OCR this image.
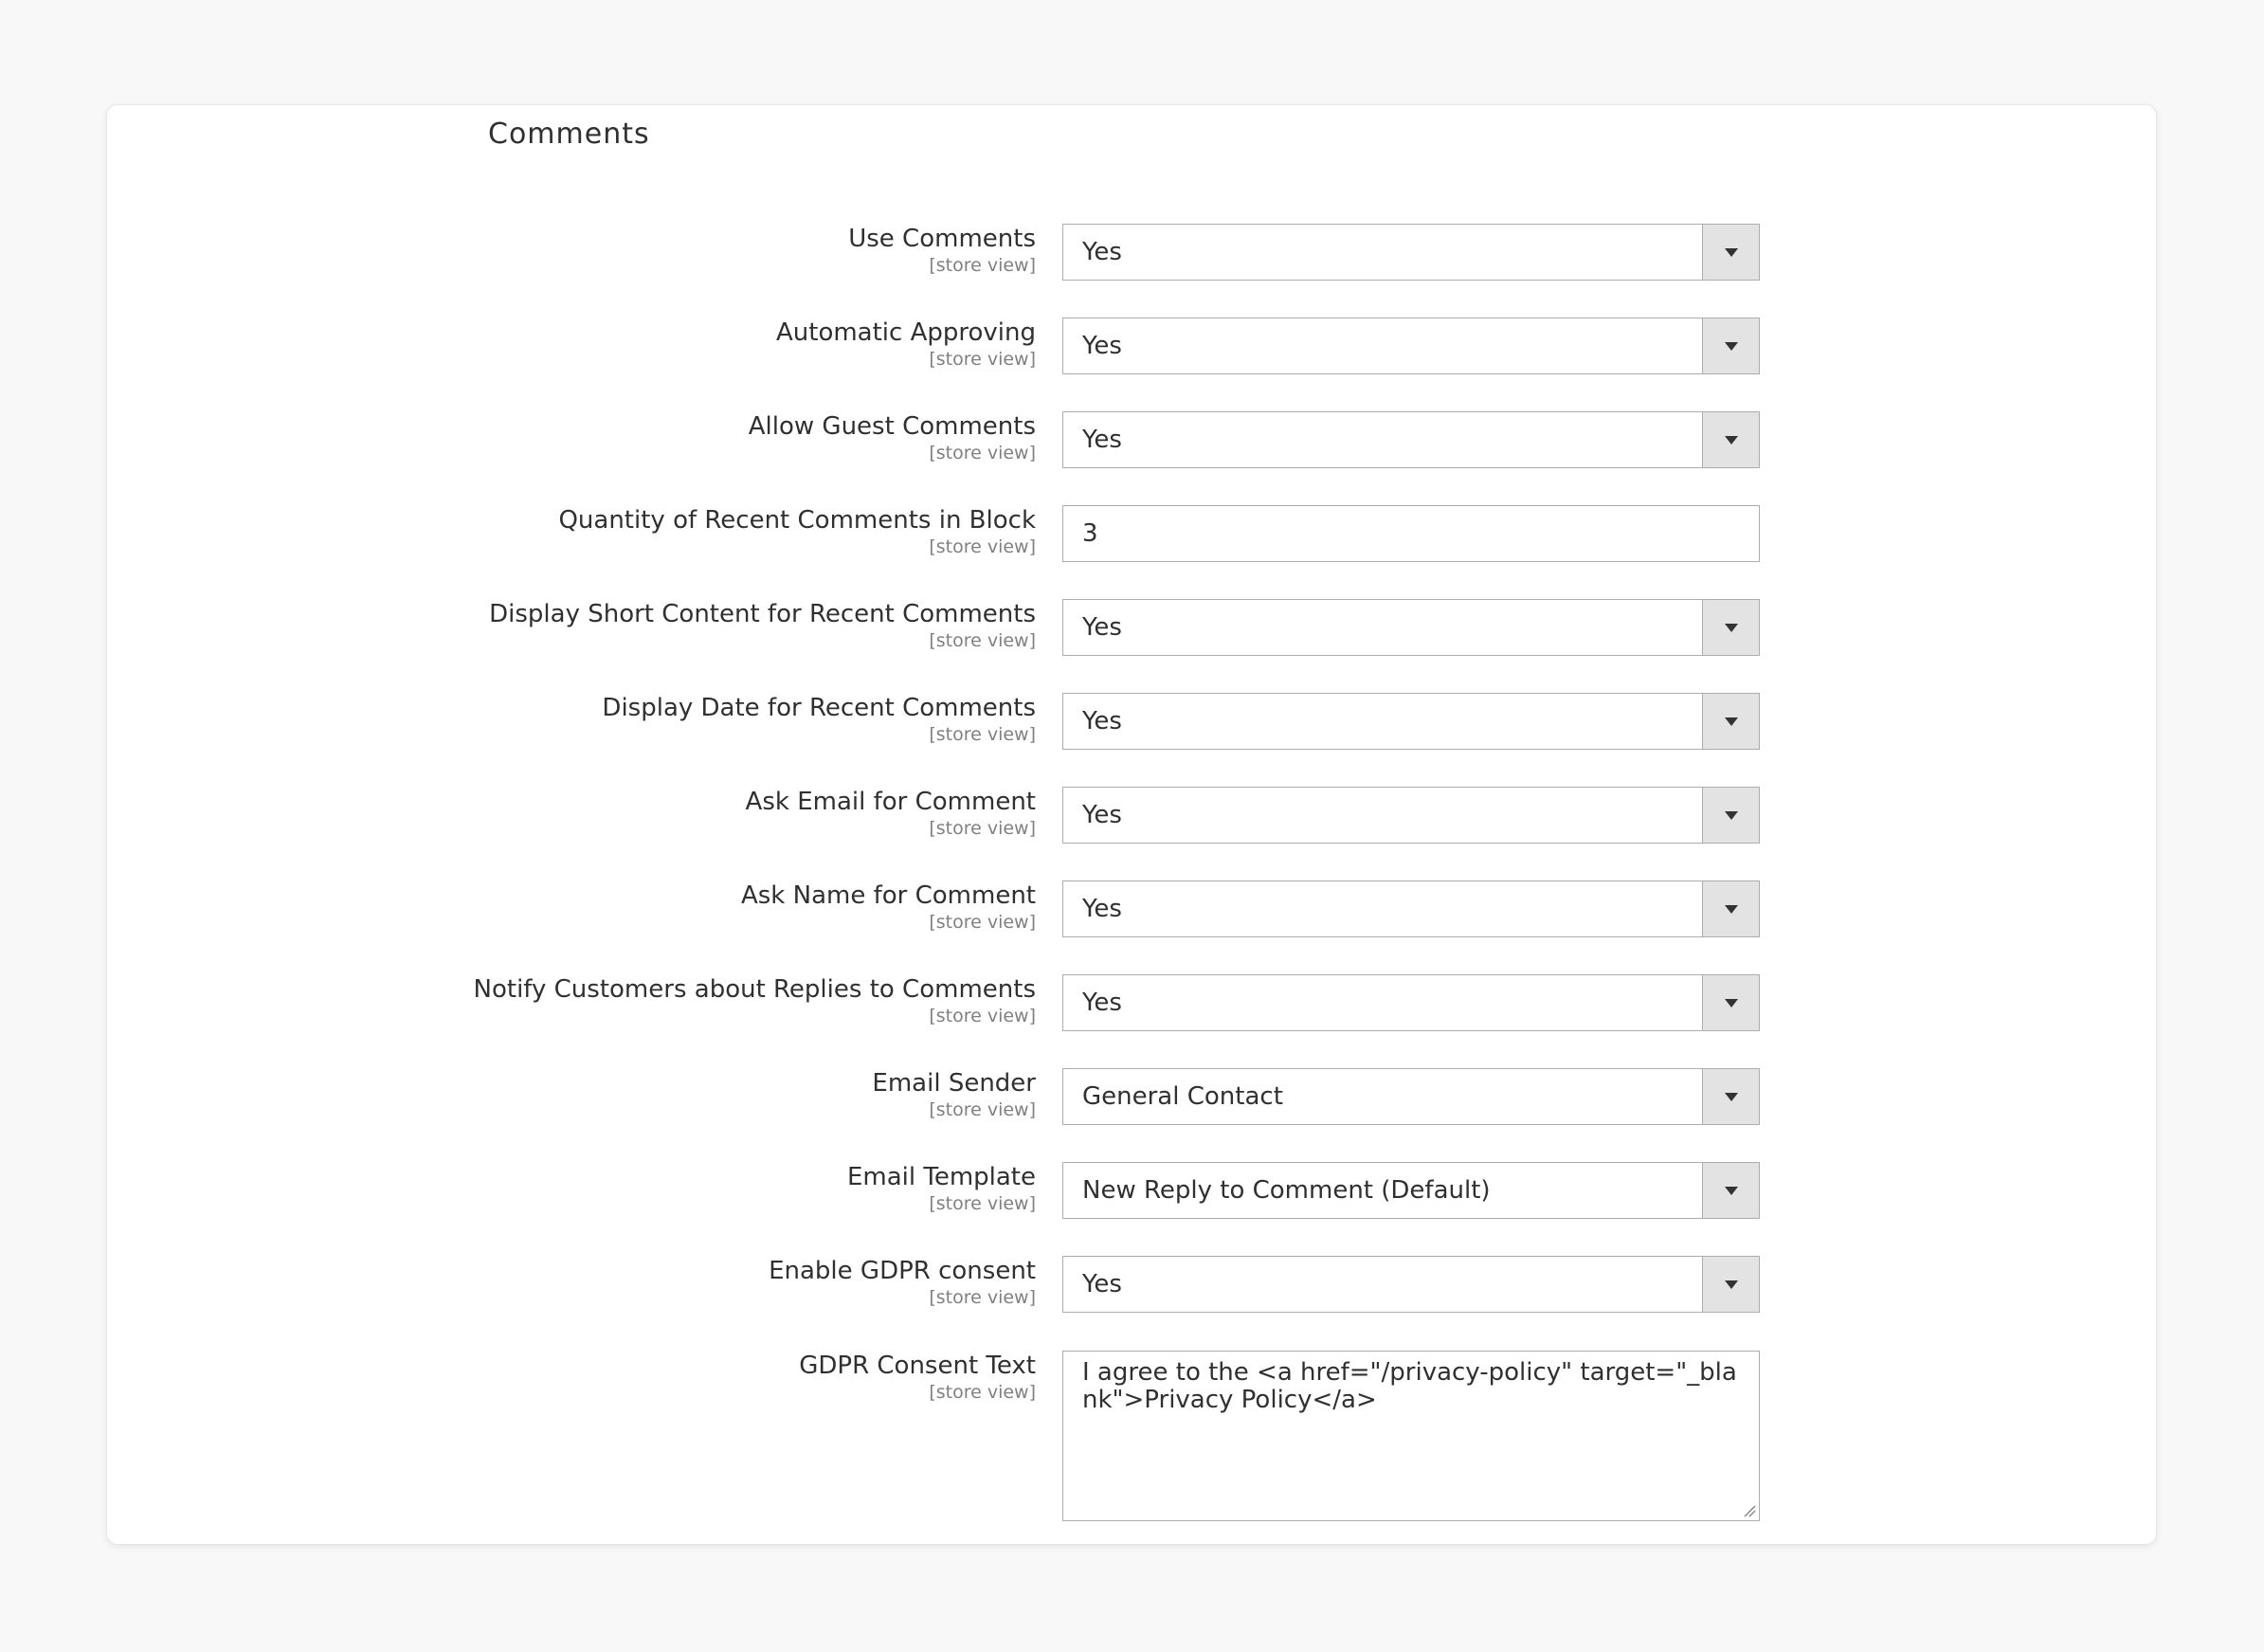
Comments
Use Comments
[store view] Yes
Automatic Approving
[store view] Yes
Allow Guest Comments
[store view] Yes
Quantity of Recent Comments in Block
[store view] 3
Display Short Content for Recent Comments
[store view] Yes
Display Date for Recent Comments
[store view] Yes
Ask Email for Comment
[store view] Yes
Ask Name for Comment
[store view] Yes
Notify Customers about Replies to Comments
[store view] Yes
Email Sender
[store view] General Contact
Email Template
[store view] New Reply to Comment (Default)
Enable GDPR consent
[store view] Yes
GDPR Consent Text
[store view]
I agree to the <a href="/privacy-policy" target="_blank">Privacy Policy</a>
